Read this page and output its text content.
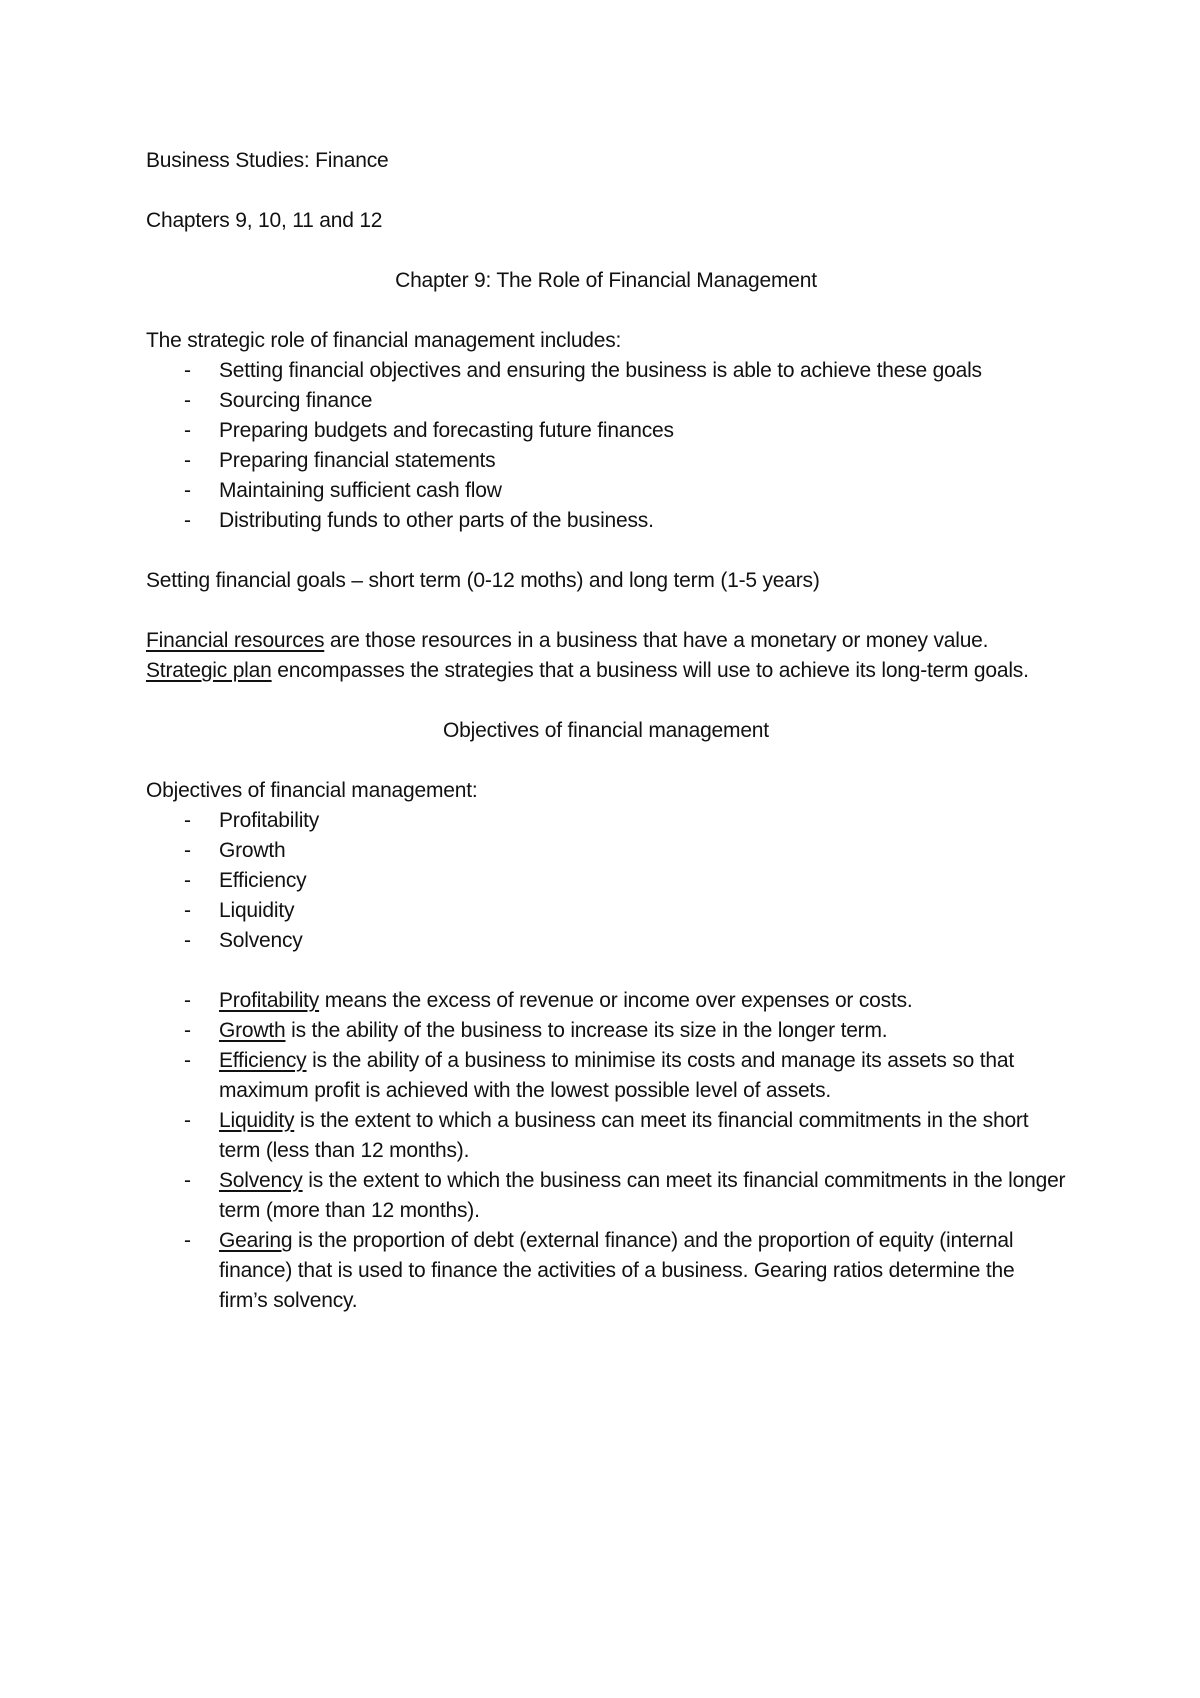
Business Studies: Finance

Chapters 9, 10, 11 and 12

Chapter 9: The Role of Financial Management

The strategic role of financial management includes:

- Setting financial objectives and ensuring the business is able to achieve these goals
- Sourcing finance
- Preparing budgets and forecasting future finances
- Preparing financial statements
- Maintaining sufficient cash flow
- Distributing funds to other parts of the business.

Setting financial goals – short term (0-12 moths) and long term (1-5 years)

Financial resources are those resources in a business that have a monetary or money value.

Strategic plan encompasses the strategies that a business will use to achieve its long-term goals.

Objectives of financial management

Objectives of financial management:

- Profitability
- Growth
- Efficiency
- Liquidity
- Solvency
- Profitability means the excess of revenue or income over expenses or costs.
- Growth is the ability of the business to increase its size in the longer term.
- Efficiency is the ability of a business to minimise its costs and manage its assets so that maximum profit is achieved with the lowest possible level of assets.
- Liquidity is the extent to which a business can meet its financial commitments in the short term (less than 12 months).
- Solvency is the extent to which the business can meet its financial commitments in the longer term (more than 12 months).
- Gearing is the proportion of debt (external finance) and the proportion of equity (internal finance) that is used to finance the activities of a business. Gearing ratios determine the firm’s solvency.
